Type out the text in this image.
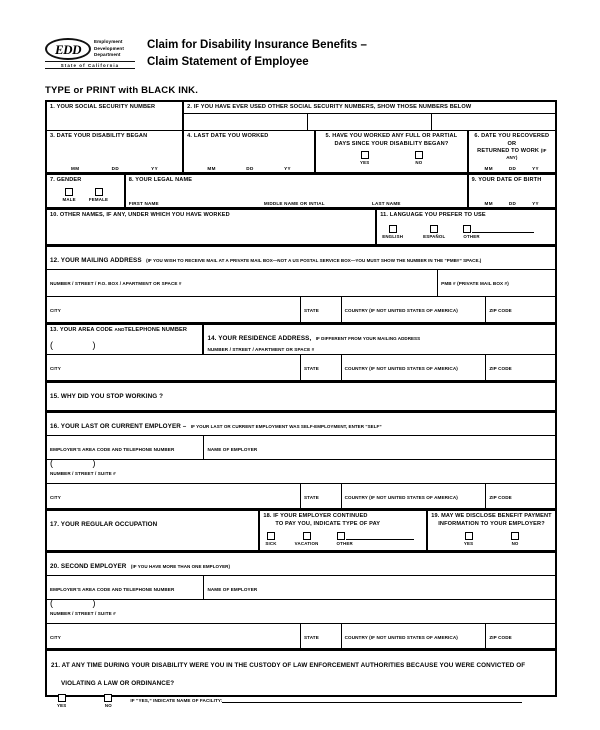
EDD	Employment
Development
Department
State of California
Claim for Disability Insurance Benefits –
Claim Statement of Employee
TYPE or PRINT with BLACK INK.
1. YOUR SOCIAL SECURITY NUMBER	2. IF YOU HAVE EVER USED OTHER SOCIAL SECURITY NUMBERS, SHOW THOSE NUMBERS BELOW
3. DATE YOUR DISABILITY BEGAN
MM	DD	YY
4. LAST DATE YOU WORKED
MM	DD	YY
5. HAVE YOU WORKED ANY FULL OR PARTIAL
DAYS SINCE YOUR DISABILITY BEGAN?
YES	NO
6. DATE YOU RECOVERED OR
RETURNED TO WORK (IF ANY)
MM	DD	YY
7. GENDER
MALE	FEMALE
8. YOUR LEGAL NAME
FIRST NAME	MIDDLE NAME OR INTIAL	LAST NAME
9. YOUR DATE OF BIRTH
MM	DD	YY
10. OTHER NAMES, IF ANY, UNDER WHICH YOU HAVE WORKED	11. LANGUAGE YOU PREFER TO USE
ENGLISH	ESPAÑOL	OTHER
12. YOUR MAILING ADDRESS (IF YOU WISH TO RECEIVE MAIL AT A PRIVATE MAIL BOX—NOT A US POSTAL SERVICE BOX—YOU MUST SHOW THE NUMBER IN THE “PMB#” SPACE.)
NUMBER / STREET / P.O. BOX / APARTMENT OR SPACE #	PMB # (PRIVATE MAIL BOX #)
CITY	STATE	COUNTRY (IF NOT UNITED STATES OF AMERICA)	ZIP CODE
13. YOUR AREA CODE ANDTELEPHONE NUMBER
(   )
14. YOUR RESIDENCE ADDRESS, IF DIFFERENT FROM YOUR MAILING ADDRESS
NUMBER / STREET / APARTMENT OR SPACE #
CITY	STATE	COUNTRY (IF NOT UNITED STATES OF AMERICA)	ZIP CODE
15. WHY DID YOU STOP WORKING ?
16. YOUR LAST OR CURRENT EMPLOYER – IF YOUR LAST OR CURRENT EMPLOYMENT WAS SELF-EMPLOYMENT, ENTER “SELF”
EMPLOYER'S AREA CODE AND TELEPHONE NUMBER
(   )
NAME OF EMPLOYER
NUMBER / STREET / SUITE #
CITY	STATE	COUNTRY (IF NOT UNITED STATES OF AMERICA)	ZIP CODE
17. YOUR REGULAR OCCUPATION
18. IF YOUR EMPLOYER CONTINUED
TO PAY YOU, INDICATE TYPE OF PAY
SICK	VACATION	OTHER
19. MAY WE DISCLOSE BENEFIT PAYMENT
INFORMATION TO YOUR EMPLOYER?
YES	NO
20. SECOND EMPLOYER (IF YOU HAVE MORE THAN ONE EMPLOYER)
EMPLOYER'S AREA CODE AND TELEPHONE NUMBER
(   )
NAME OF EMPLOYER
NUMBER / STREET / SUITE #
CITY	STATE	COUNTRY (IF NOT UNITED STATES OF AMERICA)	ZIP CODE
21. AT ANY TIME DURING YOUR DISABILITY WERE YOU IN THE CUSTODY OF LAW ENFORCEMENT AUTHORITIES BECAUSE YOU WERE CONVICTED OF VIOLATING A LAW OR ORDINANCE?
YES	NO
IF “YES,” INDICATE NAME OF FACILITY:
